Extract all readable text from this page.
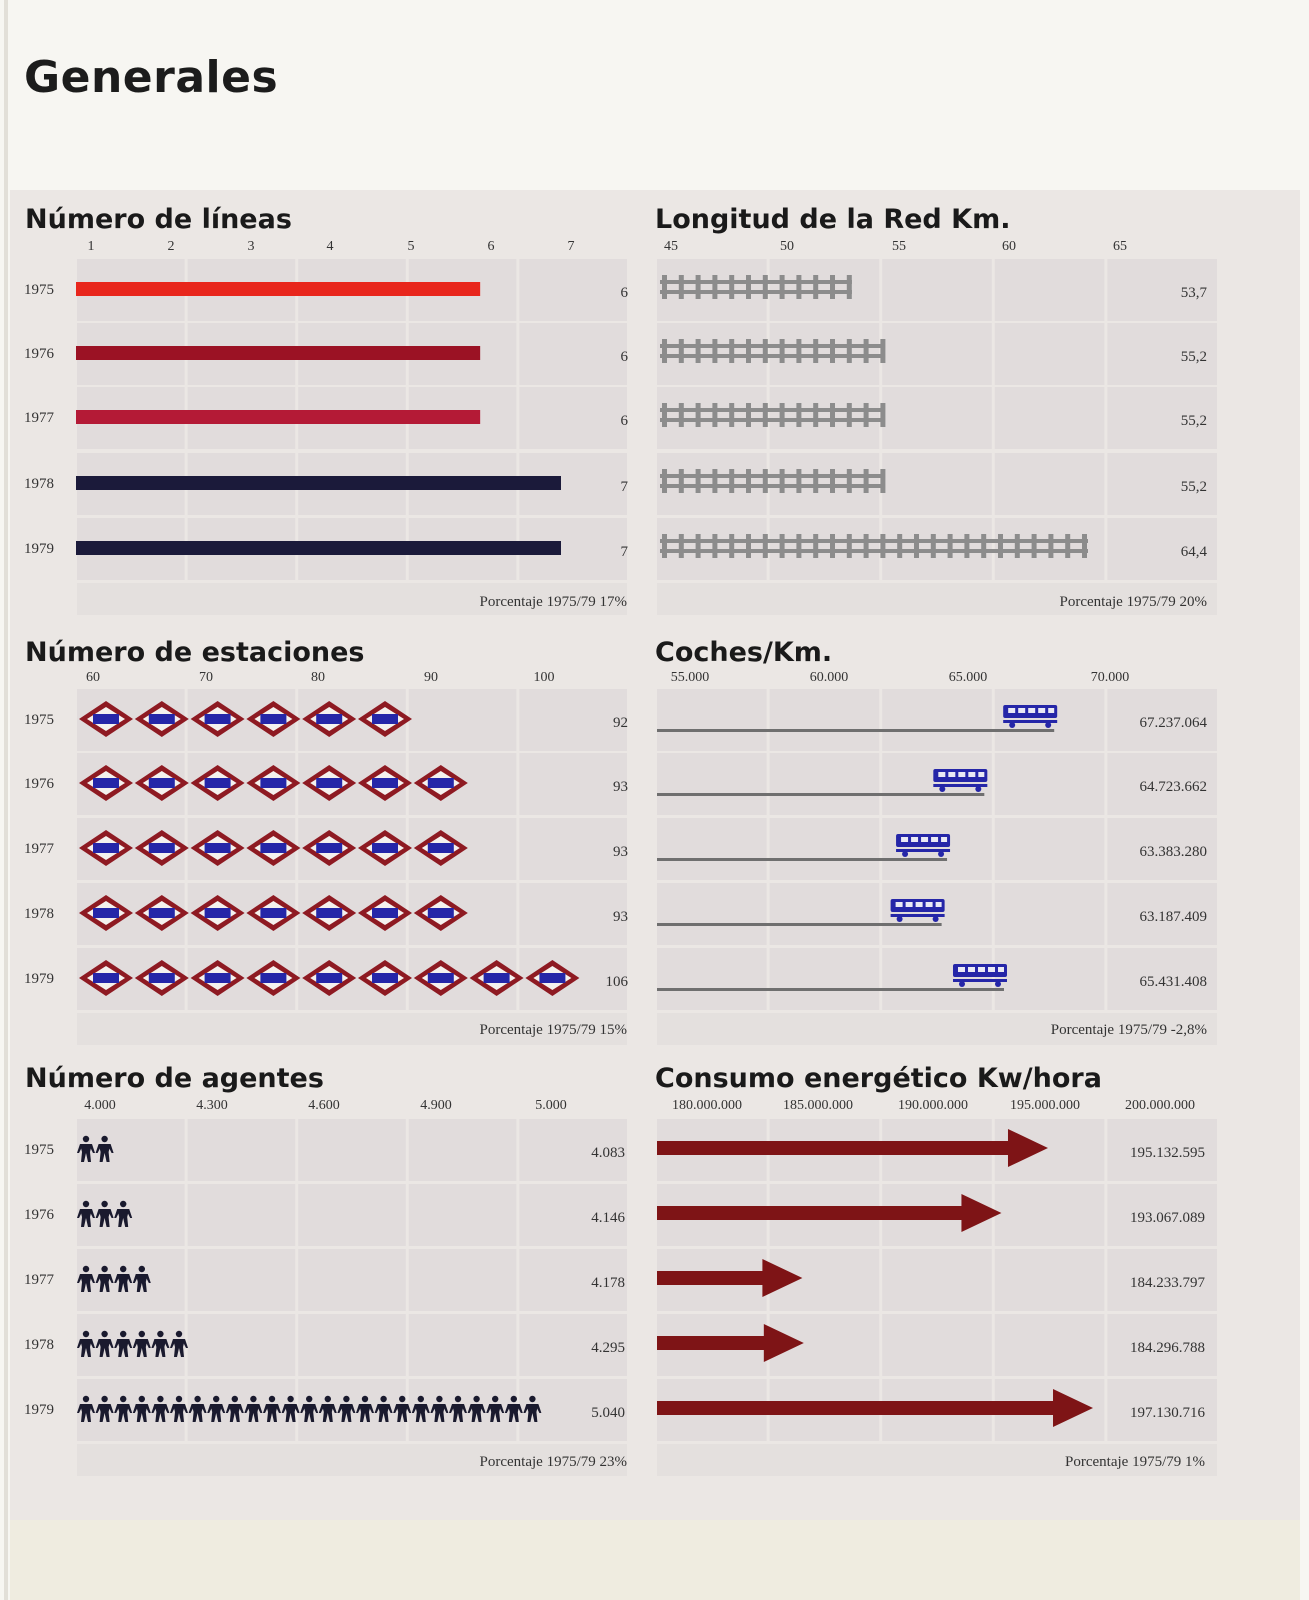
Generales
Número de líneas
1	2	3	4	5	6	7
1975	6
1976	6
1977	6
1978	7
1979	7
Porcentaje 1975/79 17%
Longitud de la Red Km.
45	50	55	60	65
53,7
55,2
55,2
55,2
64,4
Porcentaje 1975/79 20%
Número de estaciones
60	70	80	90	100
1975	92
1976	93
1977	93
1978	93
1979	106
Porcentaje 1975/79 15%
Coches/Km.
55.000	60.000	65.000	70.000
67.237.064
64.723.662
63.383.280
63.187.409
65.431.408
Porcentaje 1975/79 -2,8%
Número de agentes
4.000	4.300	4.600	4.900	5.000
1975	4.083
1976	4.146
1977	4.178
1978	4.295
1979	5.040
Porcentaje 1975/79 23%
Consumo energético Kw/hora
180.000.000	185.000.000	190.000.000	195.000.000	200.000.000
195.132.595
193.067.089
184.233.797
184.296.788
197.130.716
Porcentaje 1975/79 1%
